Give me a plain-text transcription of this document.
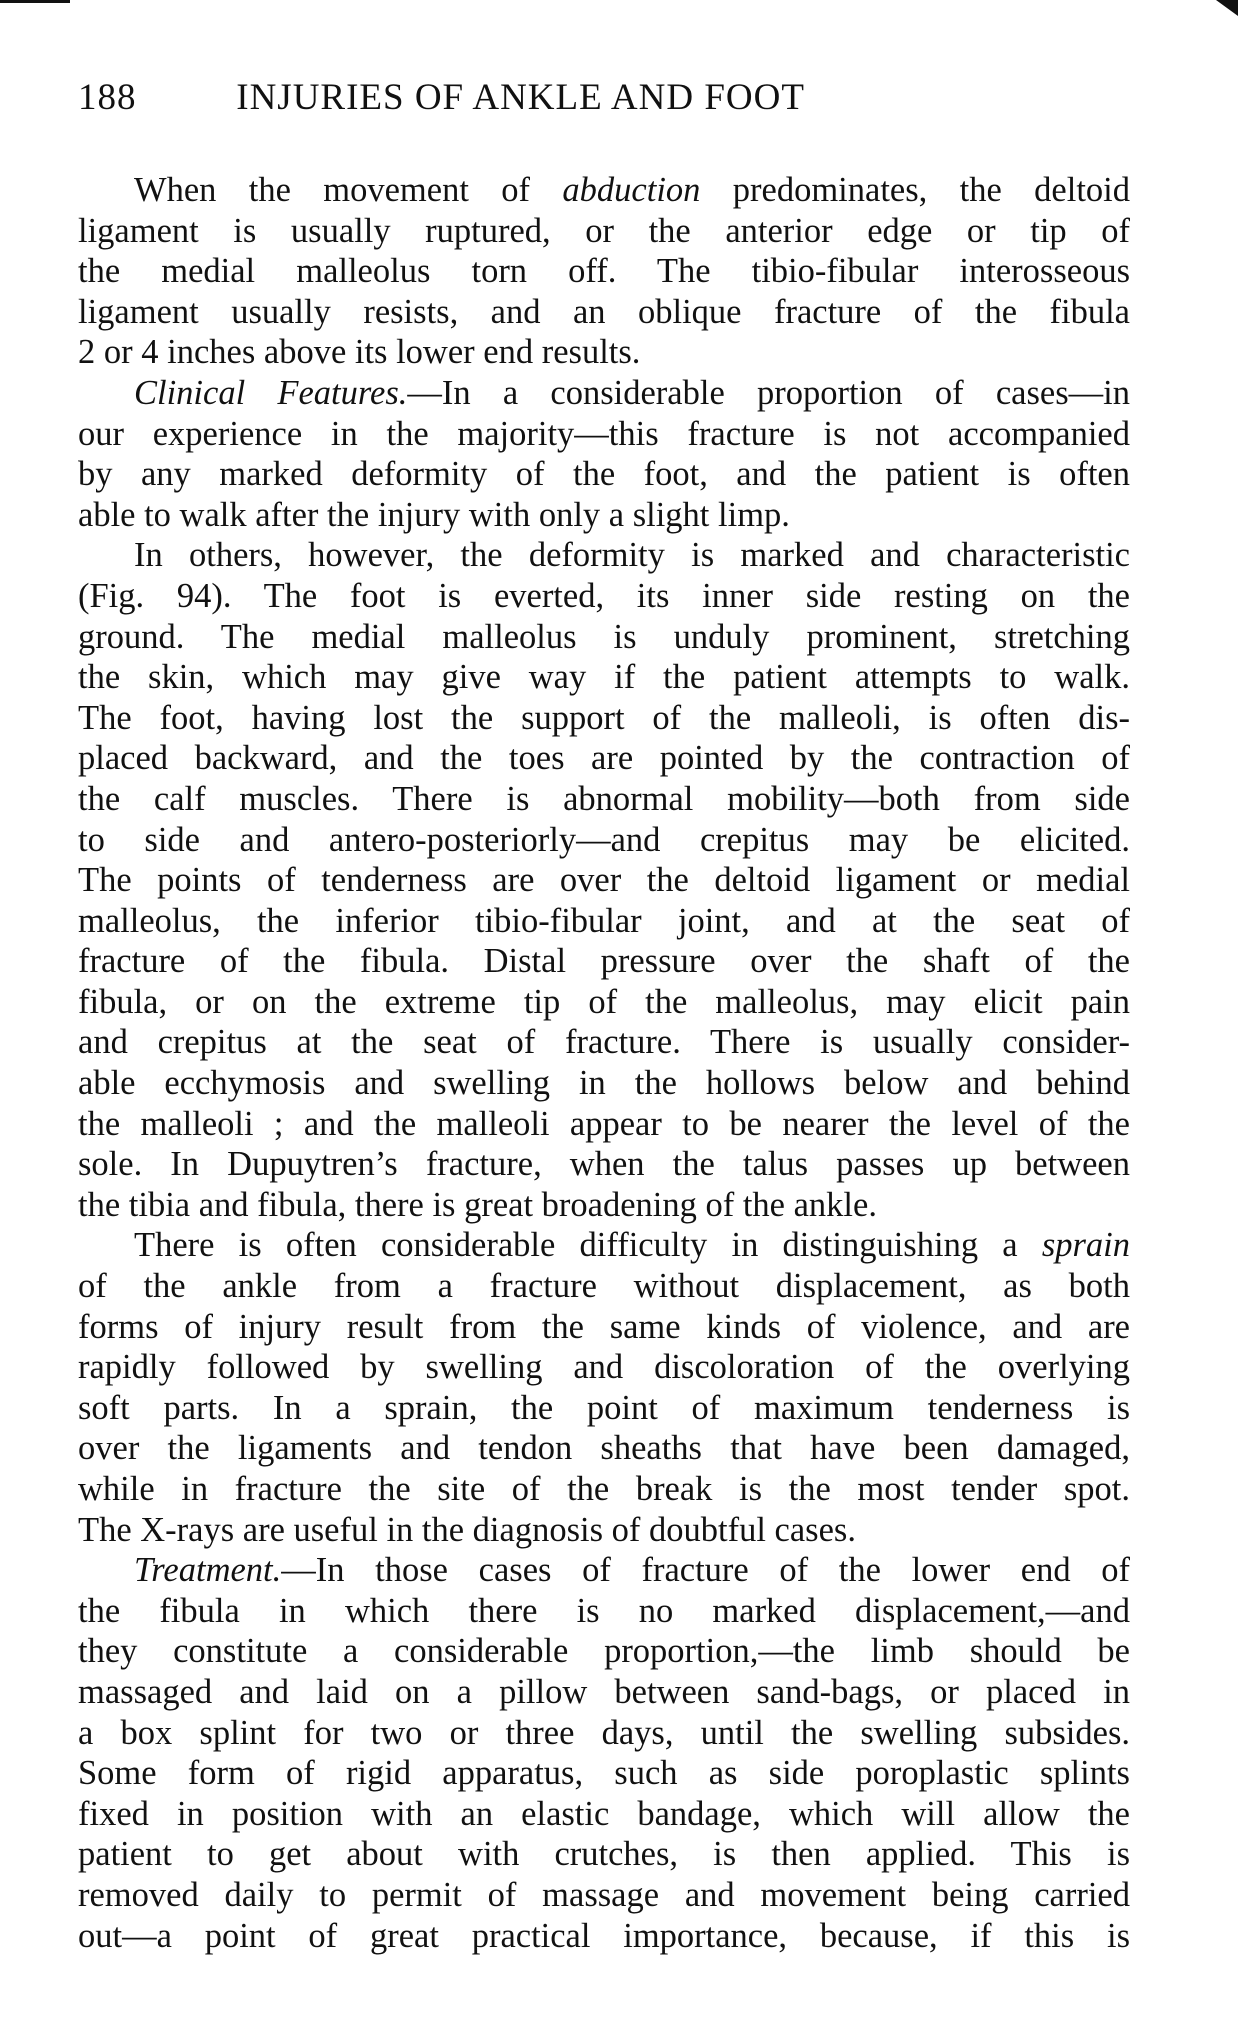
188	INJURIES OF ANKLE AND FOOT
When the movement of abduction predominates, the deltoid
ligament is usually ruptured, or the anterior edge or tip of
the medial malleolus torn off. The tibio-fibular interosseous
ligament usually resists, and an oblique fracture of the fibula
2 or 4 inches above its lower end results.
Clinical Features.—In a considerable proportion of cases—in
our experience in the majority—this fracture is not accompanied
by any marked deformity of the foot, and the patient is often
able to walk after the injury with only a slight limp.
In others, however, the deformity is marked and characteristic
(Fig. 94). The foot is everted, its inner side resting on the
ground. The medial malleolus is unduly prominent, stretching
the skin, which may give way if the patient attempts to walk.
The foot, having lost the support of the malleoli, is often dis-
placed backward, and the toes are pointed by the contraction of
the calf muscles. There is abnormal mobility—both from side
to side and antero-posteriorly—and crepitus may be elicited.
The points of tenderness are over the deltoid ligament or medial
malleolus, the inferior tibio-fibular joint, and at the seat of
fracture of the fibula. Distal pressure over the shaft of the
fibula, or on the extreme tip of the malleolus, may elicit pain
and crepitus at the seat of fracture. There is usually consider-
able ecchymosis and swelling in the hollows below and behind
the malleoli ; and the malleoli appear to be nearer the level of the
sole. In Dupuytren’s fracture, when the talus passes up between
the tibia and fibula, there is great broadening of the ankle.
There is often considerable difficulty in distinguishing a sprain
of the ankle from a fracture without displacement, as both
forms of injury result from the same kinds of violence, and are
rapidly followed by swelling and discoloration of the overlying
soft parts. In a sprain, the point of maximum tenderness is
over the ligaments and tendon sheaths that have been damaged,
while in fracture the site of the break is the most tender spot.
The X-rays are useful in the diagnosis of doubtful cases.
Treatment.—In those cases of fracture of the lower end of
the fibula in which there is no marked displacement,—and
they constitute a considerable proportion,—the limb should be
massaged and laid on a pillow between sand-bags, or placed in
a box splint for two or three days, until the swelling subsides.
Some form of rigid apparatus, such as side poroplastic splints
fixed in position with an elastic bandage, which will allow the
patient to get about with crutches, is then applied. This is
removed daily to permit of massage and movement being carried
out—a point of great practical importance, because, if this is
